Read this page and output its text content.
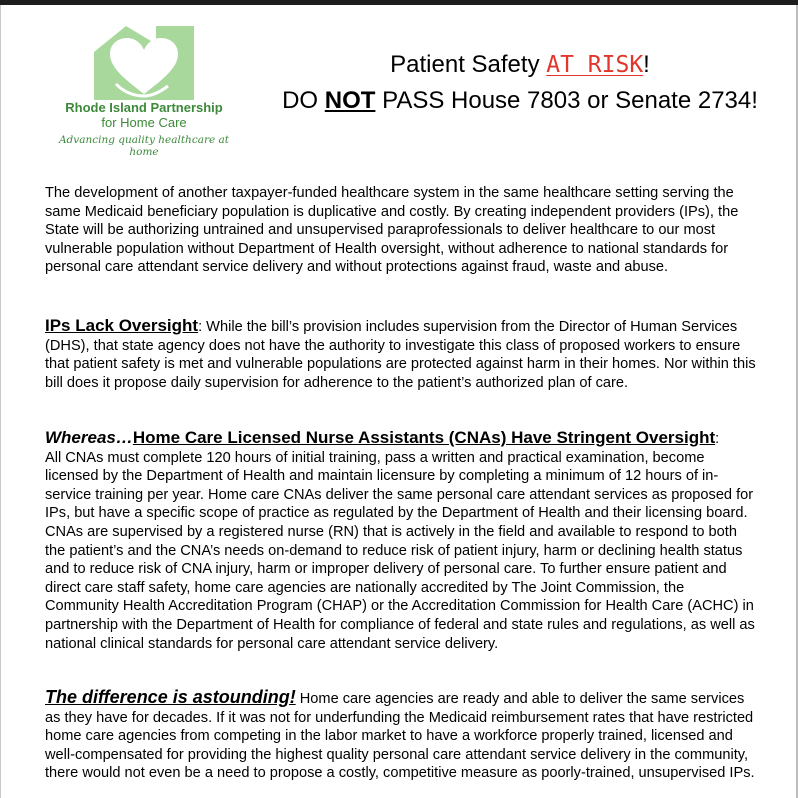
Rhode Island Partnership
for Home Care
Advancing quality healthcare at home
Patient Safety AT RISK!
DO NOT PASS House 7803 or Senate 2734!
The development of another taxpayer-funded healthcare system in the same healthcare setting serving the same Medicaid beneficiary population is duplicative and costly. By creating independent providers (IPs), the State will be authorizing untrained and unsupervised paraprofessionals to deliver healthcare to our most vulnerable population without Department of Health oversight, without adherence to national standards for personal care attendant service delivery and without protections against fraud, waste and abuse.
IPs Lack Oversight: While the bill’s provision includes supervision from the Director of Human Services (DHS), that state agency does not have the authority to investigate this class of proposed workers to ensure that patient safety is met and vulnerable populations are protected against harm in their homes. Nor within this bill does it propose daily supervision for adherence to the patient’s authorized plan of care.
Whereas…Home Care Licensed Nurse Assistants (CNAs) Have Stringent Oversight:
All CNAs must complete 120 hours of initial training, pass a written and practical examination, become licensed by the Department of Health and maintain licensure by completing a minimum of 12 hours of in-service training per year. Home care CNAs deliver the same personal care attendant services as proposed for IPs, but have a specific scope of practice as regulated by the Department of Health and their licensing board. CNAs are supervised by a registered nurse (RN) that is actively in the field and available to respond to both the patient’s and the CNA’s needs on-demand to reduce risk of patient injury, harm or declining health status and to reduce risk of CNA injury, harm or improper delivery of personal care. To further ensure patient and direct care staff safety, home care agencies are nationally accredited by The Joint Commission, the Community Health Accreditation Program (CHAP) or the Accreditation Commission for Health Care (ACHC) in partnership with the Department of Health for compliance of federal and state rules and regulations, as well as national clinical standards for personal care attendant service delivery.
The difference is astounding! Home care agencies are ready and able to deliver the same services as they have for decades. If it was not for underfunding the Medicaid reimbursement rates that have restricted home care agencies from competing in the labor market to have a workforce properly trained, licensed and well-compensated for providing the highest quality personal care attendant service delivery in the community, there would not even be a need to propose a costly, competitive measure as poorly-trained, unsupervised IPs.
